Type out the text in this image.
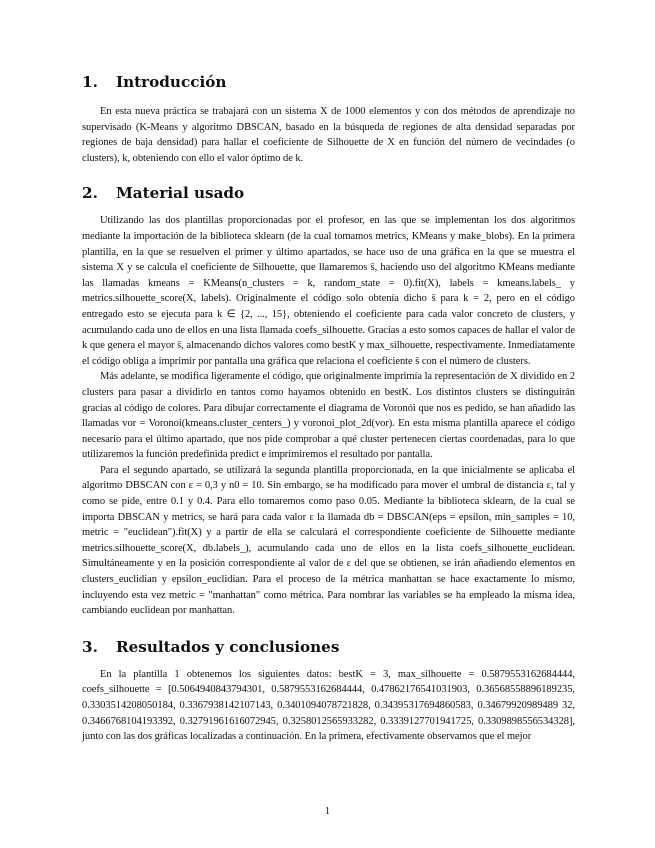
1. Introducción

En esta nueva práctica se trabajará con un sistema X de 1000 elementos y con dos métodos de aprendizaje no supervisado (K-Means y algoritmo DBSCAN, basado en la búsqueda de regiones de alta densidad separadas por regiones de baja densidad) para hallar el coeficiente de Silhouette de X en función del número de vecindades (o clusters), k, obteniendo con ello el valor óptimo de k.

2. Material usado

Utilizando las dos plantillas proporcionadas por el profesor, en las que se implementan los dos algoritmos mediante la importación de la biblioteca sklearn (de la cual tomamos metrics, KMeans y make_blobs). En la primera plantilla, en la que se resuelven el primer y último apartados, se hace uso de una gráfica en la que se muestra el sistema X y se calcula el coeficiente de Silhouette, que llamaremos s̄, haciendo uso del algoritmo KMeans mediante las llamadas kmeans = KMeans(n_clusters = k, random_state = 0).fit(X), labels = kmeans.labels_ y metrics.silhouette_score(X, labels). Originalmente el código solo obtenía dicho s̄ para k = 2, pero en el código entregado esto se ejecuta para k ∈ {2, ..., 15}, obteniendo el coeficiente para cada valor concreto de clusters, y acumulando cada uno de ellos en una lista llamada coefs_silhouette. Gracias a esto somos capaces de hallar el valor de k que genera el mayor s̄, almacenando dichos valores como bestK y max_silhouette, respectivamente. Inmediatamente el código obliga a imprimir por pantalla una gráfica que relaciona el coeficiente s̄ con el número de clusters.

Más adelante, se modifica ligeramente el código, que originalmente imprimía la representación de X dividido en 2 clusters para pasar a dividirlo en tantos como hayamos obtenido en bestK. Los distintos clusters se distinguirán gracias al código de colores. Para dibujar correctamente el diagrama de Voronói que nos es pedido, se han añadido las llamadas vor = Voronoi(kmeans.cluster_centers_) y voronoi_plot_2d(vor). En esta misma plantilla aparece el código necesario para el último apartado, que nos pide comprobar a qué cluster pertenecen ciertas coordenadas, para lo que utilizaremos la función predefinida predict e imprimiremos el resultado por pantalla.

Para el segundo apartado, se utilizará la segunda plantilla proporcionada, en la que inicialmente se aplicaba el algoritmo DBSCAN con ε = 0,3 y n0 = 10. Sin embargo, se ha modificado para mover el umbral de distancia ε, tal y como se pide, entre 0.1 y 0.4. Para ello tomaremos como paso 0.05. Mediante la biblioteca sklearn, de la cual se importa DBSCAN y metrics, se hará para cada valor ε la llamada db = DBSCAN(eps = epsilon, min_samples = 10, metric = "euclidean").fit(X) y a partir de ella se calculará el correspondiente coeficiente de Silhouette mediante metrics.silhouette_score(X, db.labels_), acumulando cada uno de ellos en la lista coefs_silhouette_euclidean. Simultáneamente y en la posición correspondiente al valor de ε del que se obtienen, se irán añadiendo elementos en clusters_euclidian y epsilon_euclidian. Para el proceso de la métrica manhattan se hace exactamente lo mismo, incluyendo esta vez metric = "manhattan" como métrica. Para nombrar las variables se ha empleado la misma idea, cambiando euclidean por manhattan.

3. Resultados y conclusiones

En la plantilla 1 obtenemos los siguientes datos: bestK = 3, max_silhouette = 0.5879553162684444, coefs_silhouette = [0.5064940843794301, 0.5879553162684444, 0.47862176541031903, 0.36568558896189235, 0.3303514208050184, 0.3367938142107143, 0.3401094078721828, 0.34395317694860583, 0.34679920989489 32, 0.3466768104193392, 0.32791961616072945, 0.3258012565933282, 0.3339127701941725, 0.3309898556534328], junto con las dos gráficas localizadas a continuación. En la primera, efectivamente observamos que el mejor

1
